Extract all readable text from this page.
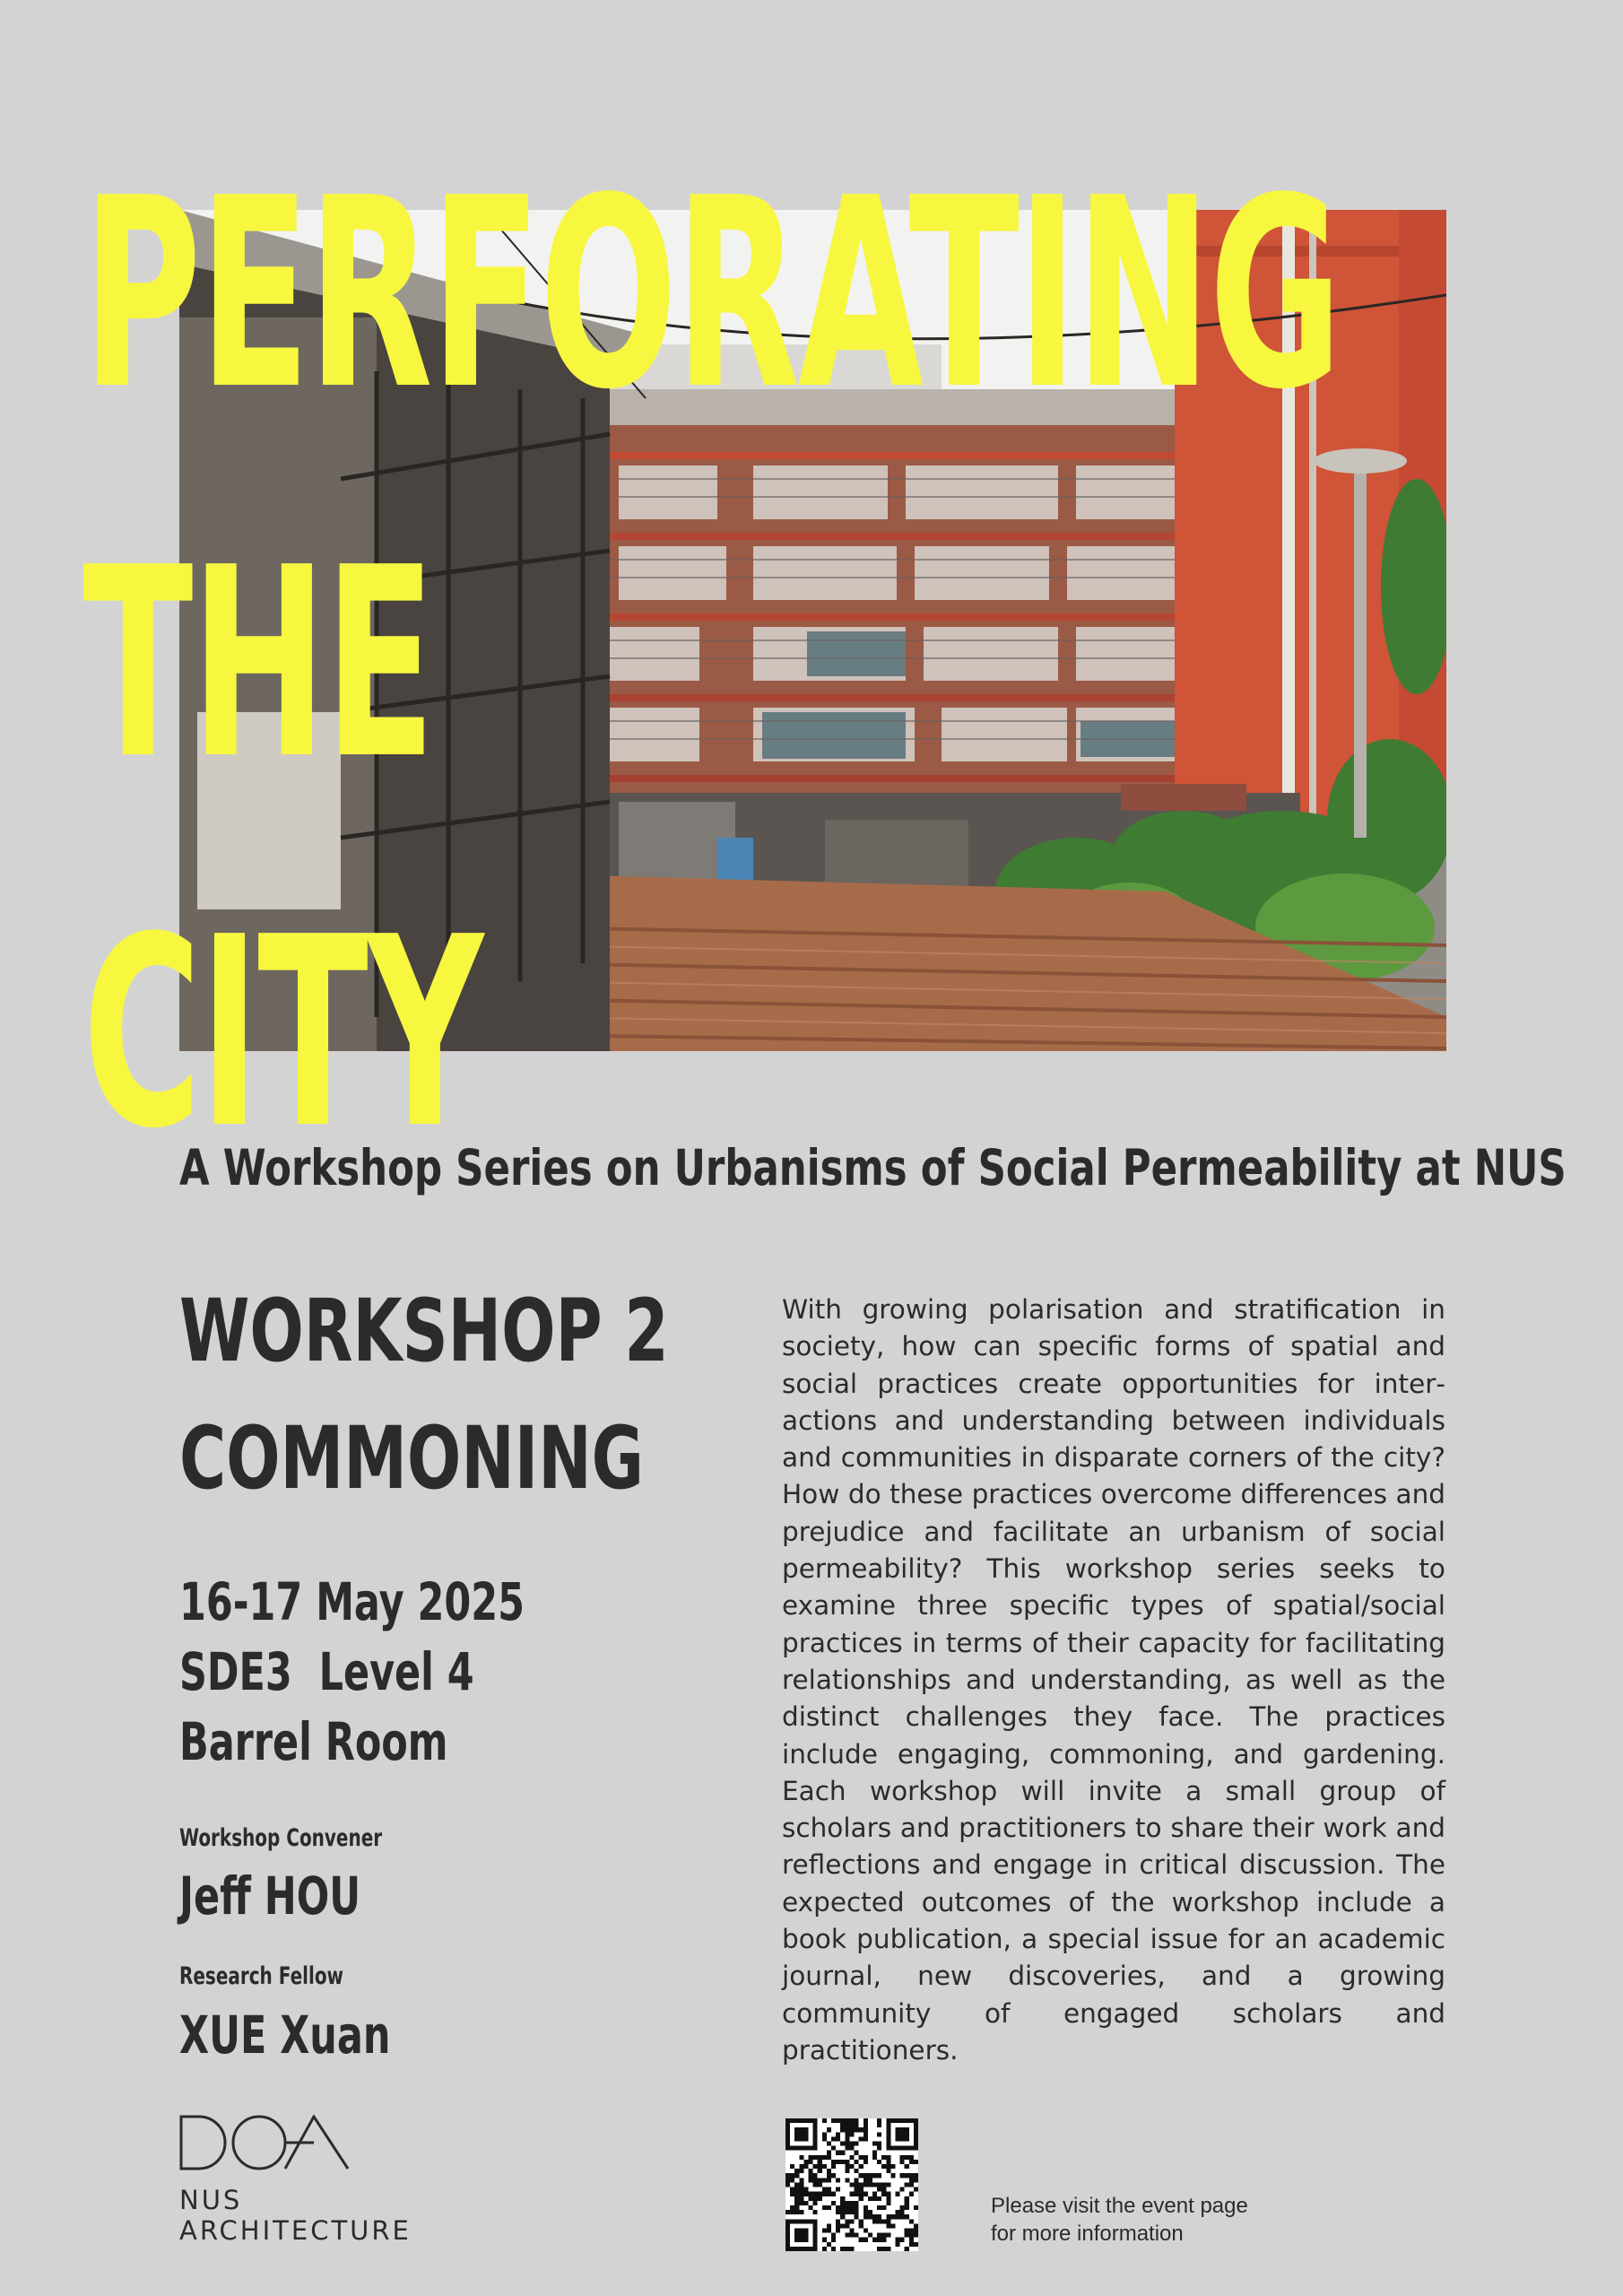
PERFORATING
THE
CITY

A Workshop Series on Urbanisms of Social Permeability at NUS

WORKSHOP 2
COMMONING
16-17 May 2025
SDE3  Level 4
Barrel Room
Workshop Convener
Jeff HOU
Research Fellow
XUE Xuan

With growing polarisation and stratification in society, how can specific forms of spatial and social practices create opportunities for interactions and understanding between individuals and communities in disparate corners of the city? How do these practices overcome differences and prejudice and facilitate an urbanism of social permeability? This workshop series seeks to examine three specific types of spatial/social practices in terms of their capacity for facilitating relationships and understanding, as well as the distinct challenges they face. The practices include engaging, commoning, and gardening. Each workshop will invite a small group of scholars and practitioners to share their work and reflections and engage in critical discussion. The expected outcomes of the workshop include a book publication, a special issue for an academic journal, new discoveries, and a growing community of engaged scholars and practitioners.

NUS
ARCHITECTURE
Please visit the event page
for more information
